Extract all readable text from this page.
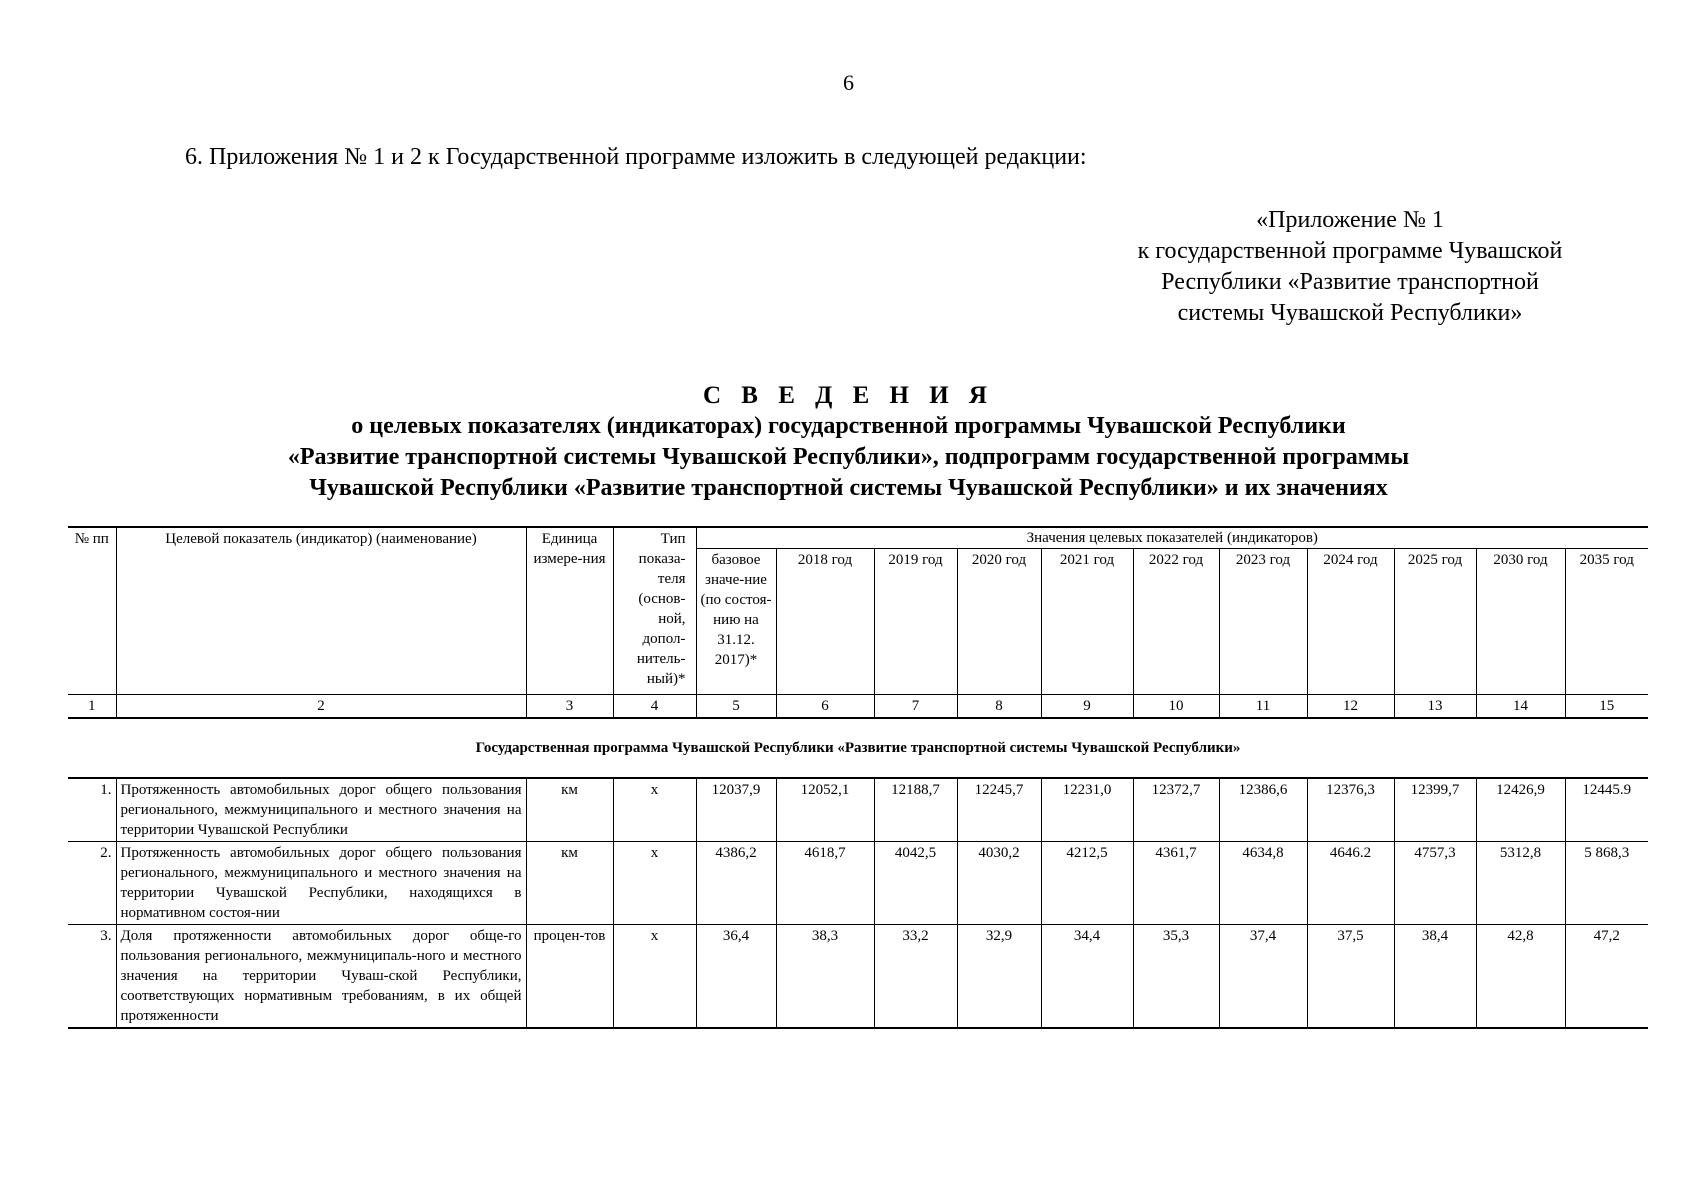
6
6. Приложения № 1 и 2 к Государственной программе изложить в следующей редакции:
«Приложение № 1
к государственной программе Чувашской
Республики «Развитие транспортной
системы Чувашской Республики»
С В Е Д Е Н И Я
о целевых показателях (индикаторах) государственной программы Чувашской Республики
«Развитие транспортной системы Чувашской Республики», подпрограмм государственной программы
Чувашской Республики «Развитие транспортной системы Чувашской Республики» и их значениях
№ пп	Целевой показатель (индикатор) (наименование)	Единица измере-ния	Тип показа-теля (основ-ной, допол-нитель-ный)*	Значения целевых показателей (индикаторов)										
				базовое значе-ние (по состоя-нию на 31.12. 2017)*	2018 год	2019 год	2020 год	2021 год	2022 год	2023 год	2024 год	2025 год	2030 год	2035 год
1	2	3	4	5	6	7	8	9	10	11	12	13	14	15
Государственная программа Чувашской Республики «Развитие транспортной системы Чувашской Республики»														
1.	Протяженность автомобильных дорог общего пользования регионального, межмуниципального и местного значения на территории Чувашской Республики	км	х	12037,9	12052,1	12188,7	12245,7	12231,0	12372,7	12386,6	12376,3	12399,7	12426,9	12445.9
2.	Протяженность автомобильных дорог общего пользования регионального, межмуниципального и местного значения на территории Чувашской Республики, находящихся в нормативном состоя-нии	км	х	4386,2	4618,7	4042,5	4030,2	4212,5	4361,7	4634,8	4646.2	4757,3	5312,8	5 868,3
3.	Доля протяженности автомобильных дорог обще-го пользования регионального, межмуниципаль-ного и местного значения на территории Чуваш-ской Республики, соответствующих нормативным требованиям, в их общей протяженности	процен-тов	х	36,4	38,3	33,2	32,9	34,4	35,3	37,4	37,5	38,4	42,8	47,2
